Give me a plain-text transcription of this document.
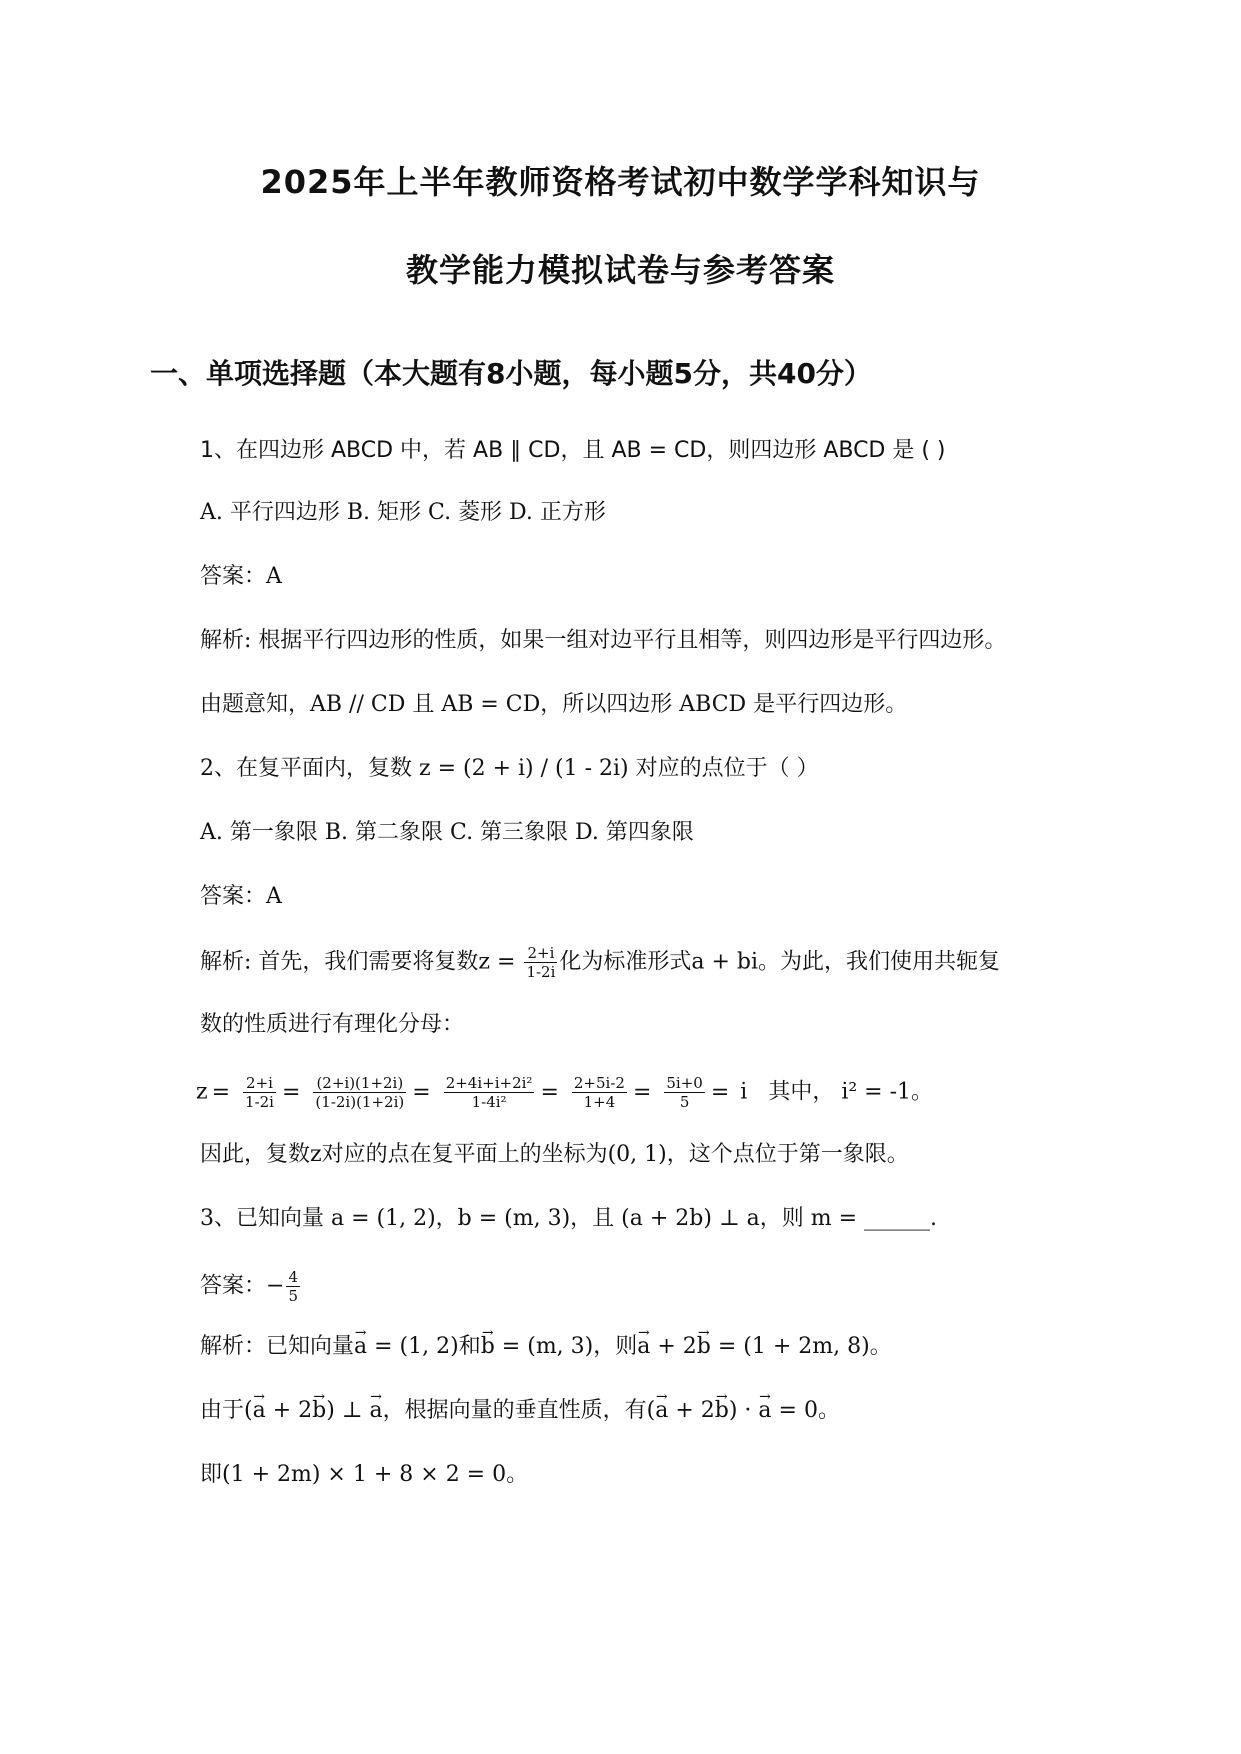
2025年上半年教师资格考试初中数学学科知识与
教学能力模拟试卷与参考答案
一、单项选择题（本大题有8小题，每小题5分，共40分）
1、在四边形 ABCD 中，若 AB ∥ CD，且 AB = CD，则四边形 ABCD 是 ( )
A. 平行四边形 B. 矩形 C. 菱形 D. 正方形
答案：A
解析: 根据平行四边形的性质，如果一组对边平行且相等，则四边形是平行四边形。
由题意知，AB // CD 且 AB = CD，所以四边形 ABCD 是平行四边形。
2、在复平面内，复数 z = (2 + i) / (1 - 2i) 对应的点位于（ ）
A. 第一象限 B. 第二象限 C. 第三象限 D. 第四象限
答案：A
解析: 首先，我们需要将复数$z = \frac{2+i}{1-2i}$ 化为标准形式a + bi。为此，我们使用共轭复
数的性质进行有理化分母：
$z = \frac{2+i}{1-2i} = \frac{(2+i)(1+2i)}{(1-2i)(1+2i)} = \frac{\text{2+4i+i+2i²}}{\text{1-4i²}} = \frac{2+5i-2}{1+4} = \frac{5i+0}{5} = i$ 其中， i² = -1。
因此，复数z对应的点在复平面上的坐标为(0, 1)，这个点位于第一象限。
3、已知向量 a = (1, 2)，b = (m, 3)，且 (a + 2b) ⊥ a，则 m = ______.
答案：− $\frac{4}{5}$
解析：已知向量→ a = (1, 2)和→ b = (m, 3)，则→ a + 2→ b = (1 + 2m, 8)。
由于(→ a + 2→ b) ⊥ → a，根据向量的垂直性质，有(→ a + 2→ b) · → a = 0。
即(1 + 2m) × 1 + 8 × 2 = 0。
